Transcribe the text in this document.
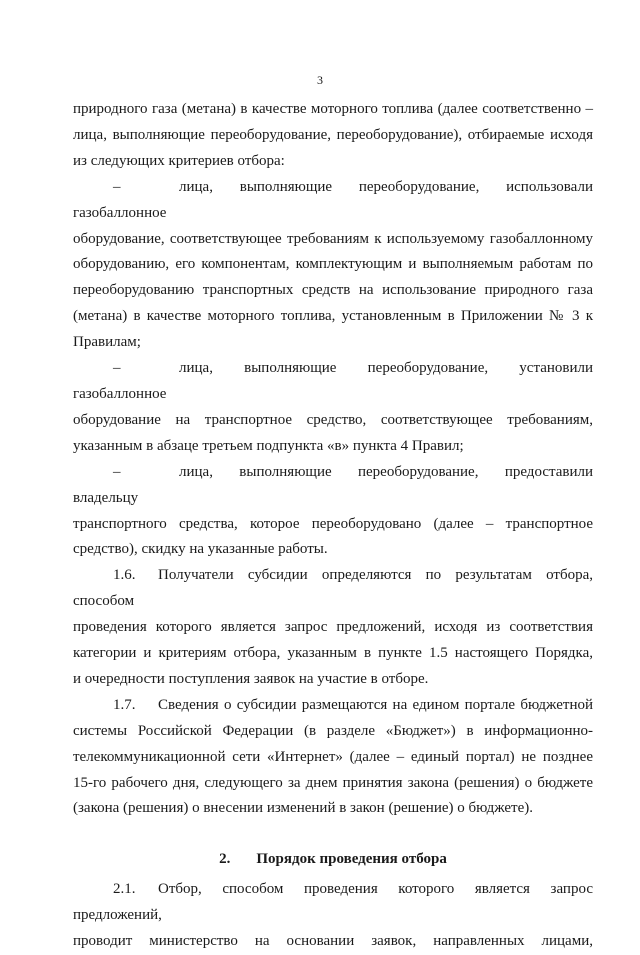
3

природного газа (метана) в качестве моторного топлива (далее соответственно –

лица, выполняющие переоборудование, переоборудование), отбираемые исходя

из следующих критериев отбора:

–	лица, выполняющие переоборудование, использовали газобаллонное

оборудование, соответствующее требованиям к используемому газобаллонному

оборудованию, его компонентам, комплектующим и выполняемым работам по

переоборудованию транспортных средств на использование природного газа

(метана) в качестве моторного топлива, установленным в Приложении № 3 к

Правилам;

–	лица, выполняющие переоборудование, установили газобаллонное

оборудование на транспортное средство, соответствующее требованиям,

указанным в абзаце третьем подпункта «в» пункта 4 Правил;

–	лица, выполняющие переоборудование, предоставили владельцу

транспортного средства, которое переоборудовано (далее – транспортное

средство), скидку на указанные работы.

1.6. Получатели субсидии определяются по результатам отбора, способом

проведения которого является запрос предложений, исходя из соответствия

категории и критериям отбора, указанным в пункте 1.5 настоящего Порядка,

и очередности поступления заявок на участие в отборе.

1.7. Сведения о субсидии размещаются на едином портале бюджетной

системы Российской Федерации (в разделе «Бюджет») в информационно-

телекоммуникационной сети «Интернет» (далее – единый портал) не позднее

15-го рабочего дня, следующего за днем принятия закона (решения) о бюджете

(закона (решения) о внесении изменений в закон (решение) о бюджете).

2. Порядок проведения отбора

2.1. Отбор, способом проведения которого является запрос предложений,

проводит министерство на основании заявок, направленных лицами,
